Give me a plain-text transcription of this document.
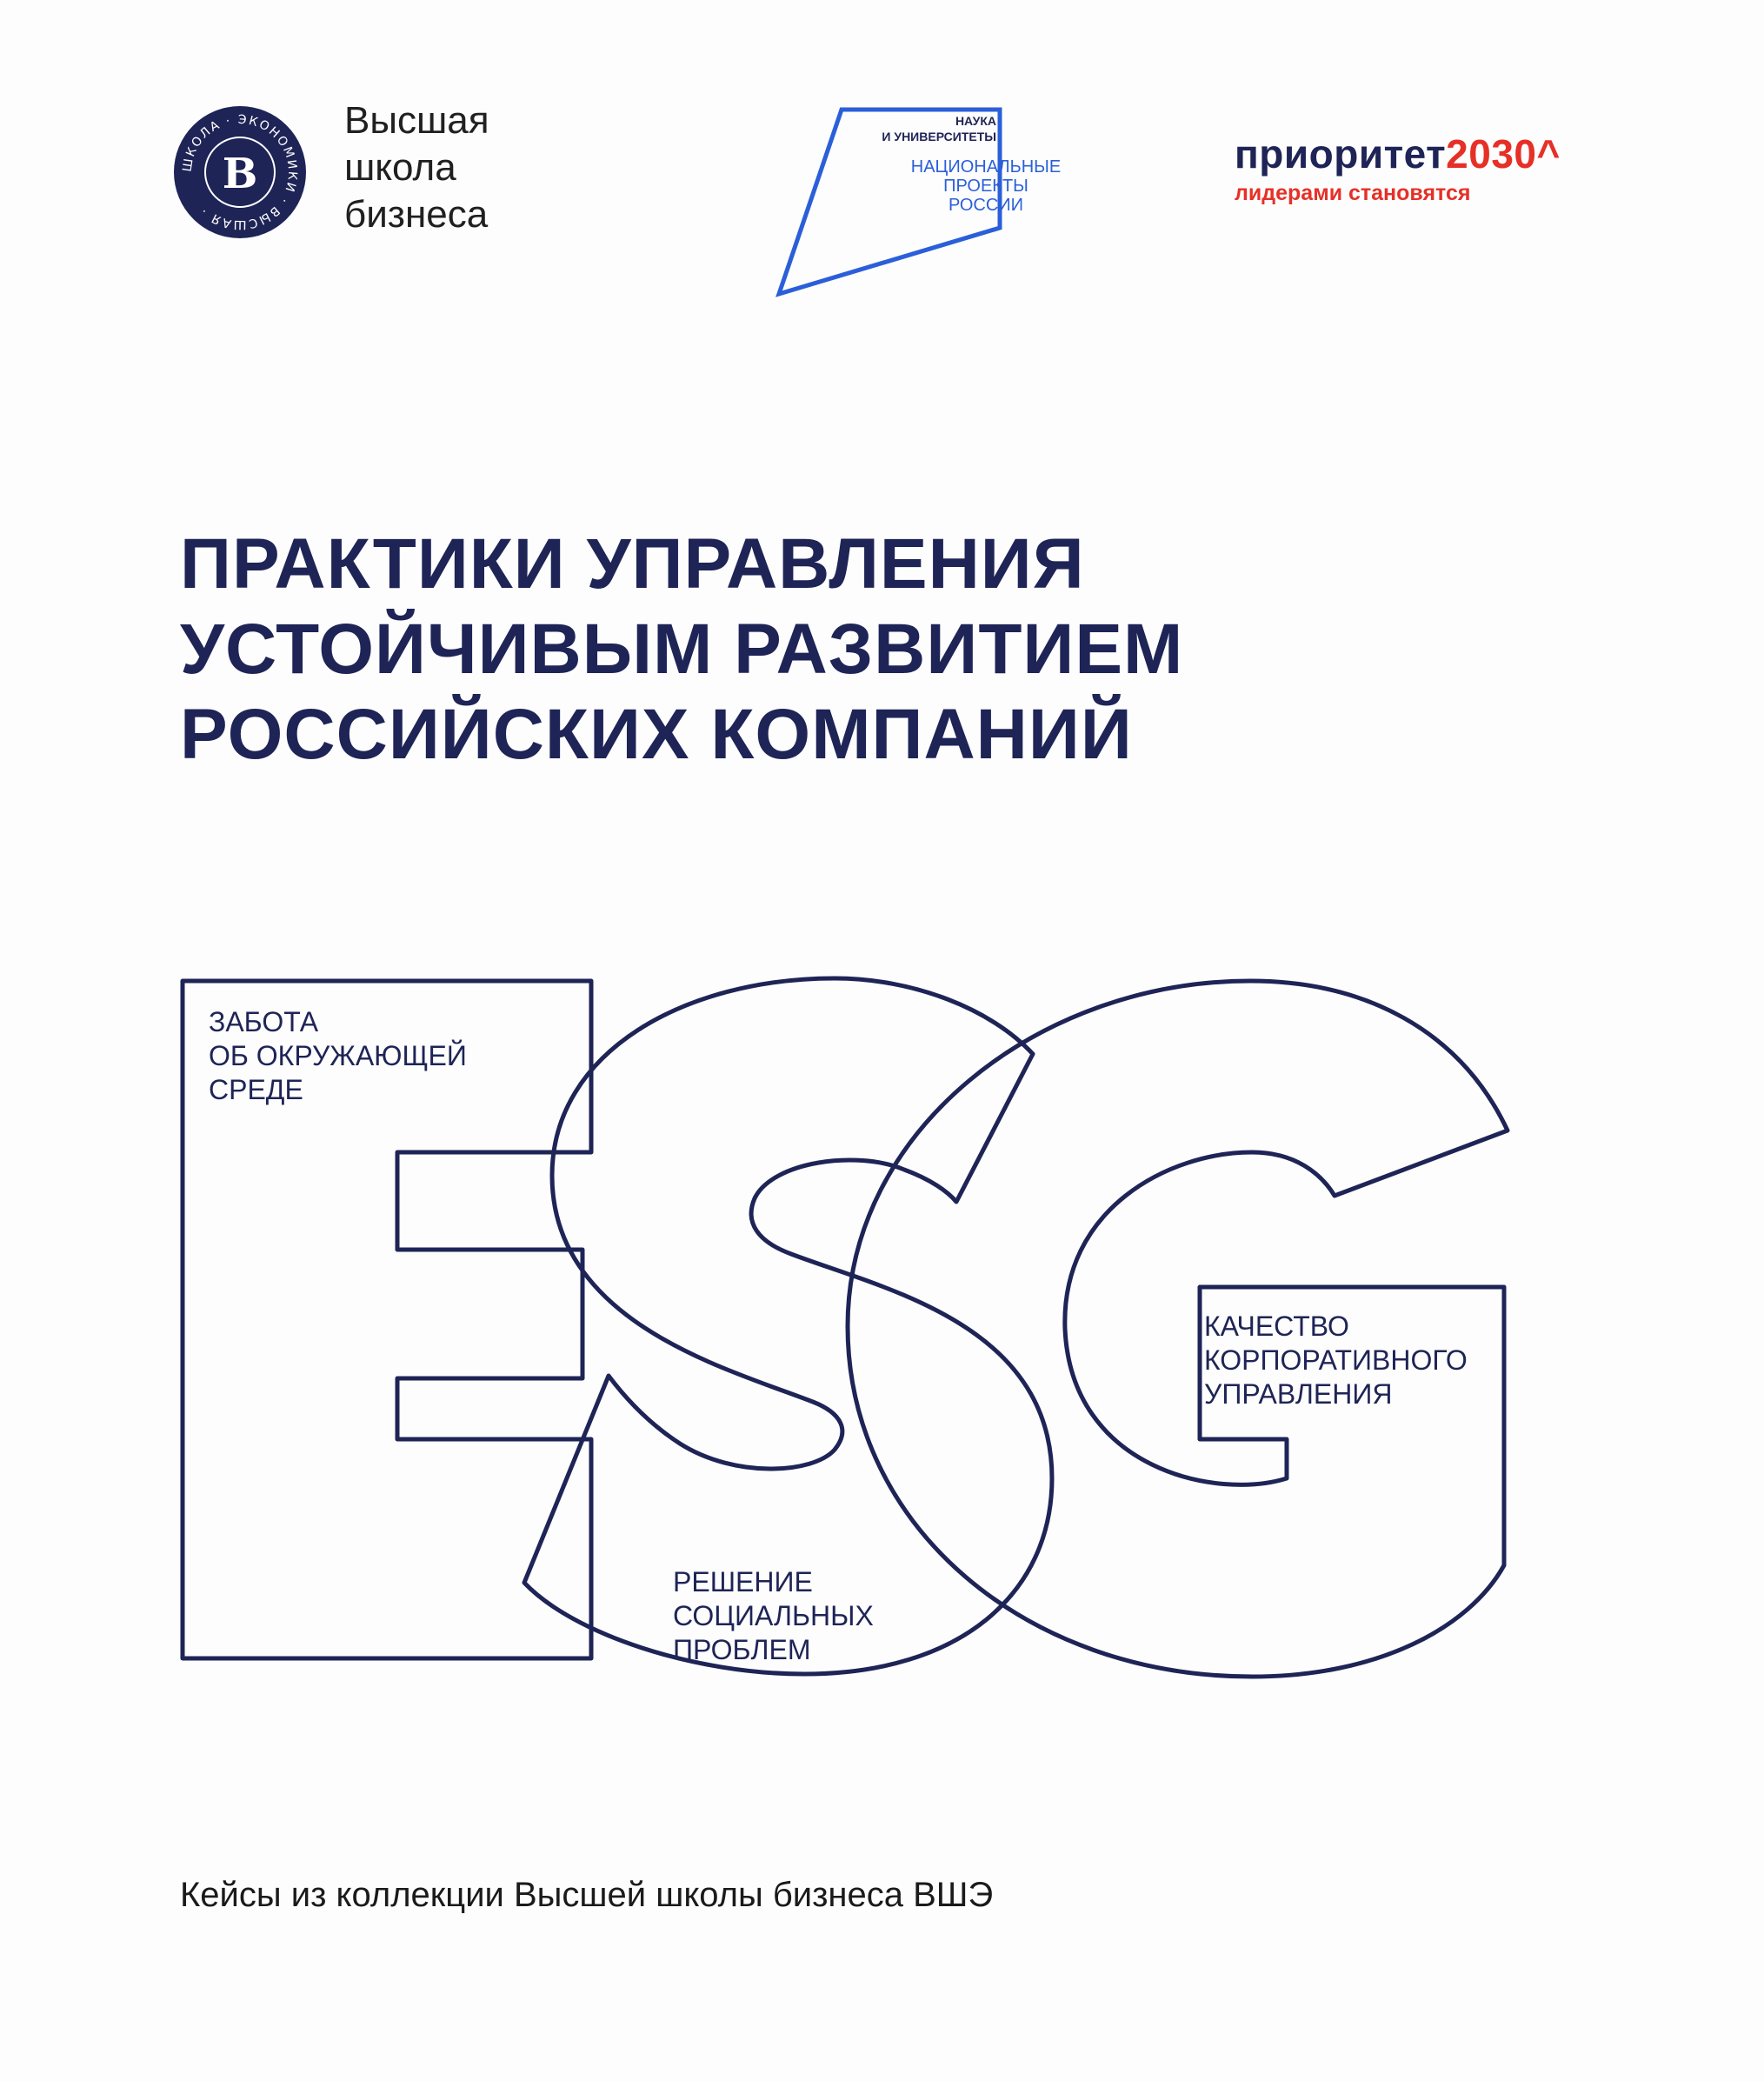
ШКОЛА · ЭКОНОМИКИ · ВЫСШАЯ ·
В
Высшая
школа
бизнеса
НАУКА
И УНИВЕРСИТЕТЫ
НАЦИОНАЛЬНЫЕ
ПРОЕКТЫ
РОССИИ
приоритет2030^
лидерами становятся
ПРАКТИКИ УПРАВЛЕНИЯ
УСТОЙЧИВЫМ РАЗВИТИЕМ
РОССИЙСКИХ КОМПАНИЙ
ЗАБОТА
ОБ ОКРУЖАЮЩЕЙ
СРЕДЕ
РЕШЕНИЕ
СОЦИАЛЬНЫХ
ПРОБЛЕМ
КАЧЕСТВО
КОРПОРАТИВНОГО
УПРАВЛЕНИЯ
Кейсы из коллекции Высшей школы бизнеса ВШЭ
